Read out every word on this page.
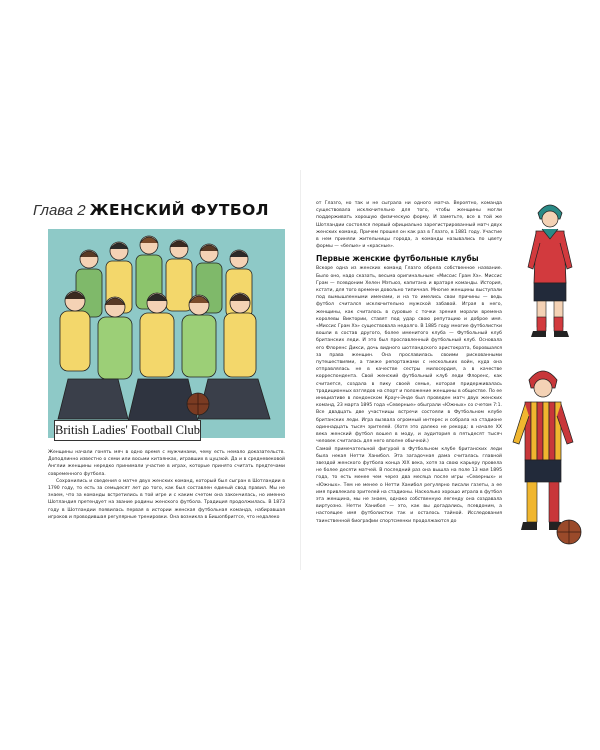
Глава 2 ЖЕНСКИЙ ФУТБОЛ
British Ladies' Football Club

Женщины начали гонять мяч в одно время с мужчинами, чему есть немало доказательств. Доподлинно известно о семи или восьми китаянках, игравших в цуцзюй. Да и в средневековой Англии женщины нередко принимали участие в играх, которые принято считать предтечами современного футбола.

Сохранились и сведения о матче двух женских команд, который был сыгран в Шотландии в 1790 году, то есть за семьдесят лет до того, как был составлен единый свод правил. Мы не знаем, что за команды встретились в той игре и с каким счетом она закончилась, но именно Шотландия претендует на звание родины женского футбола. Традиция продолжилась. В 1873 году в Шотландии появилась первая в истории женская футбольная команда, набиравшая игроков и проводившая регулярные тренировки. Она возникла в Бишопбриггсе, что недалеко

от Глазго, но так и не сыграла ни одного матча. Вероятно, команда существовала исключительно для того, чтобы женщины могли поддерживать хорошую физическую форму. И заметьте, все в той же Шотландии состоялся первый официально зарегистрированный матч двух женских команд. Причем прошел он как раз в Глазго, в 1881 году. Участие в нем приняли жительницы города, а команды назывались по цвету формы — «белые» и «красные».

Первые женские футбольные клубы

Вскоре одна из женских команд Глазго обрела собственное название. Было оно, надо сказать, весьма оригинальным: «Миссис Грам Хэ». Миссис Грам — псевдоним Хелен Мэтьюз, капитана и вратаря команды. История, кстати, для того времени довольно типичная. Многие женщины выступали под вымышленными именами, и на то имелись свои причины — ведь футбол считался исключительно мужской забавой. Играя в него, женщины, как считалось в суровые с точки зрения морали времена королевы Виктории, ставят под удар свою репутацию и доброе имя. «Миссис Грам Хэ» существовала недолго. В 1885 году многие футболистки вошли в состав другого, более именитого клуба — Футбольный клуб британских леди. И это был прославленный футбольный клуб. Основала его Флоренс Дикси, дочь видного шотландского аристократа, боровшаяся за права женщин. Она прославилась своими рискованными путешествиями, а также репортажами с нескольких войн, куда она отправлялась не в качестве сестры милосердия, а в качестве корреспондента. Свой женский футбольный клуб леди Флоренс, как считается, создала в пику своей семье, которая придерживалась традиционных взглядов на спорт и положение женщины в обществе. По ее инициативе в лондонском Крауч-Энде был проведен матч двух женских команд, 23 марта 1895 года «Северные» обыграли «Южных» со счетом 7:1. Все двадцать две участницы встречи состояли в Футбольном клубе британских леди. Игра вызвала огромный интерес и собрала на стадионе одиннадцать тысяч зрителей. (Хотя это далеко не рекорд: в начале XX века женский футбол вошел в моду, и аудитория в пятьдесят тысяч человек считалась для него вполне обычной.)

Самой примечательной фигурой в Футбольном клубе британских леди была некая Нетти Ханибол. Эта загадочная дама считалась главной звездой женского футбола конца XIX века, хотя за свою карьеру провела не более десяти матчей. В последний раз она вышла на поле 13 мая 1895 года, то есть менее чем через два месяца после игры «Северных» и «Южных». Тем не менее о Нетти Ханибол регулярно писали газеты, а ее имя привлекало зрителей на стадионы. Насколько хорошо играла в футбол эта женщина, мы не знаем, однако собственную легенду она создавала виртуозно. Нетти Ханибол — это, как вы догадались, псевдоним, а настоящее имя футболистки так и осталось тайной. Исследования таинственной биографии спортсменки продолжаются до
